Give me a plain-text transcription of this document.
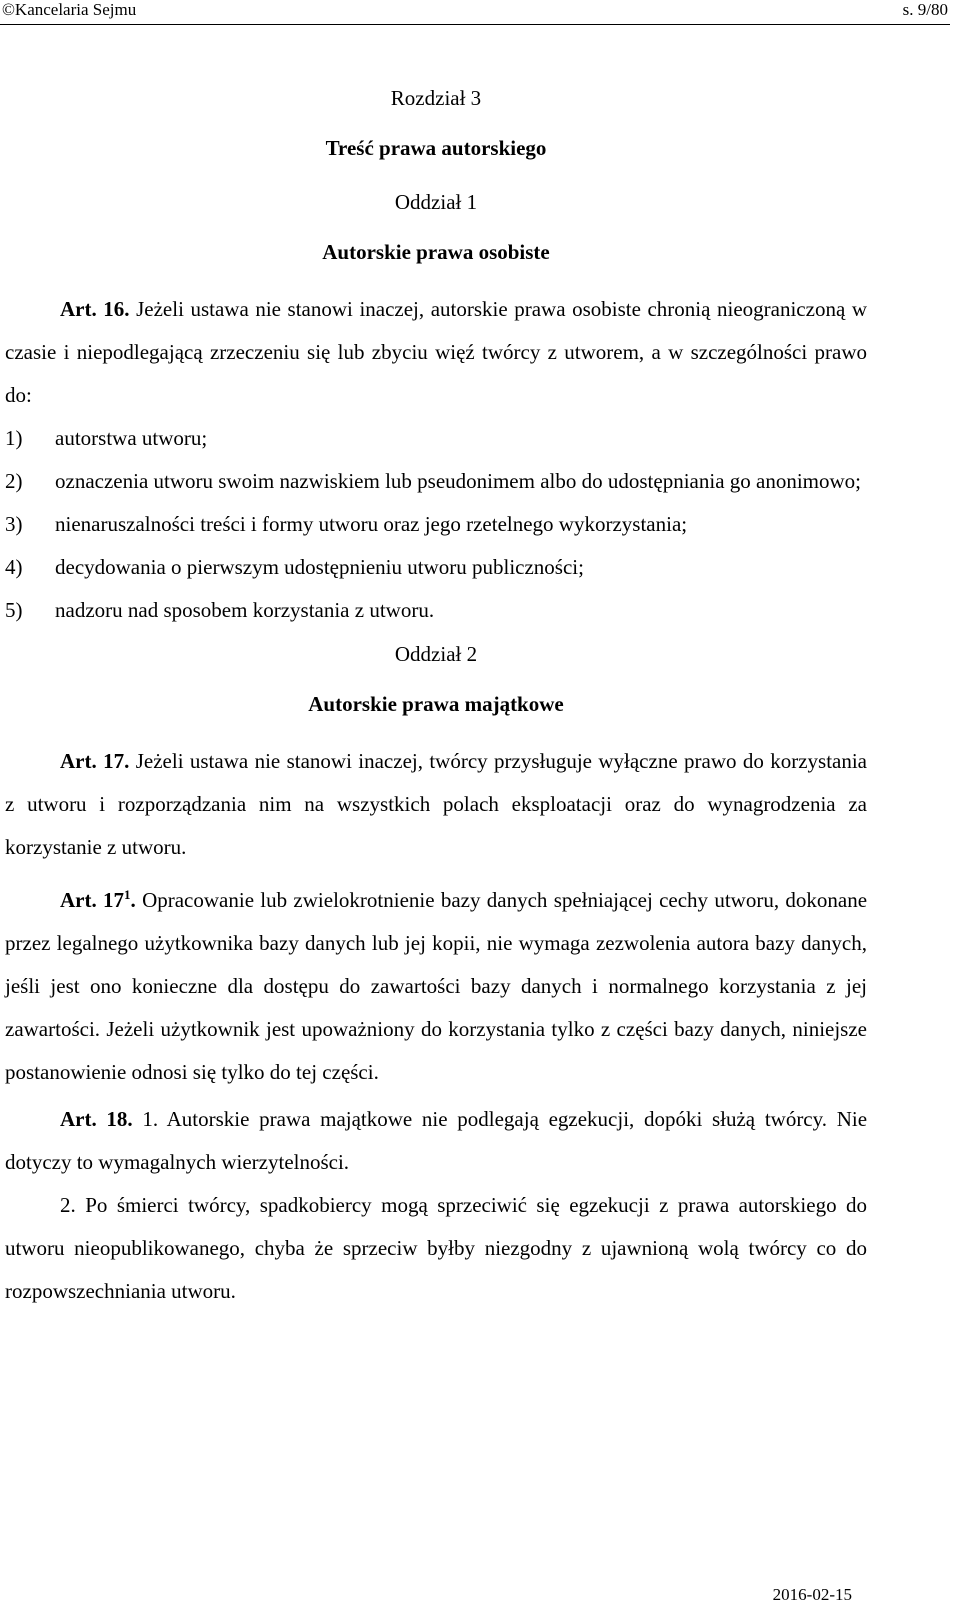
©Kancelaria Sejmu	s. 9/80

Rozdział 3

Treść prawa autorskiego

Oddział 1

Autorskie prawa osobiste

Art. 16. Jeżeli ustawa nie stanowi inaczej, autorskie prawa osobiste chronią nieograniczoną w czasie i niepodlegającą zrzeczeniu się lub zbyciu więź twórcy z utworem, a w szczególności prawo do:

1)	autorstwa utworu;
2)	oznaczenia utworu swoim nazwiskiem lub pseudonimem albo do udostępniania go anonimowo;
3)	nienaruszalności treści i formy utworu oraz jego rzetelnego wykorzystania;
4)	decydowania o pierwszym udostępnieniu utworu publiczności;
5)	nadzoru nad sposobem korzystania z utworu.

Oddział 2

Autorskie prawa majątkowe

Art. 17. Jeżeli ustawa nie stanowi inaczej, twórcy przysługuje wyłączne prawo do korzystania z utworu i rozporządzania nim na wszystkich polach eksploatacji oraz do wynagrodzenia za korzystanie z utworu.

Art. $17^1$. Opracowanie lub zwielokrotnienie bazy danych spełniającej cechy utworu, dokonane przez legalnego użytkownika bazy danych lub jej kopii, nie wymaga zezwolenia autora bazy danych, jeśli jest ono konieczne dla dostępu do zawartości bazy danych i normalnego korzystania z jej zawartości. Jeżeli użytkownik jest upoważniony do korzystania tylko z części bazy danych, niniejsze postanowienie odnosi się tylko do tej części.

Art. 18. 1. Autorskie prawa majątkowe nie podlegają egzekucji, dopóki służą twórcy. Nie dotyczy to wymagalnych wierzytelności.

2. Po śmierci twórcy, spadkobiercy mogą sprzeciwić się egzekucji z prawa autorskiego do utworu nieopublikowanego, chyba że sprzeciw byłby niezgodny z ujawnioną wolą twórcy co do rozpowszechniania utworu.

2016-02-15
